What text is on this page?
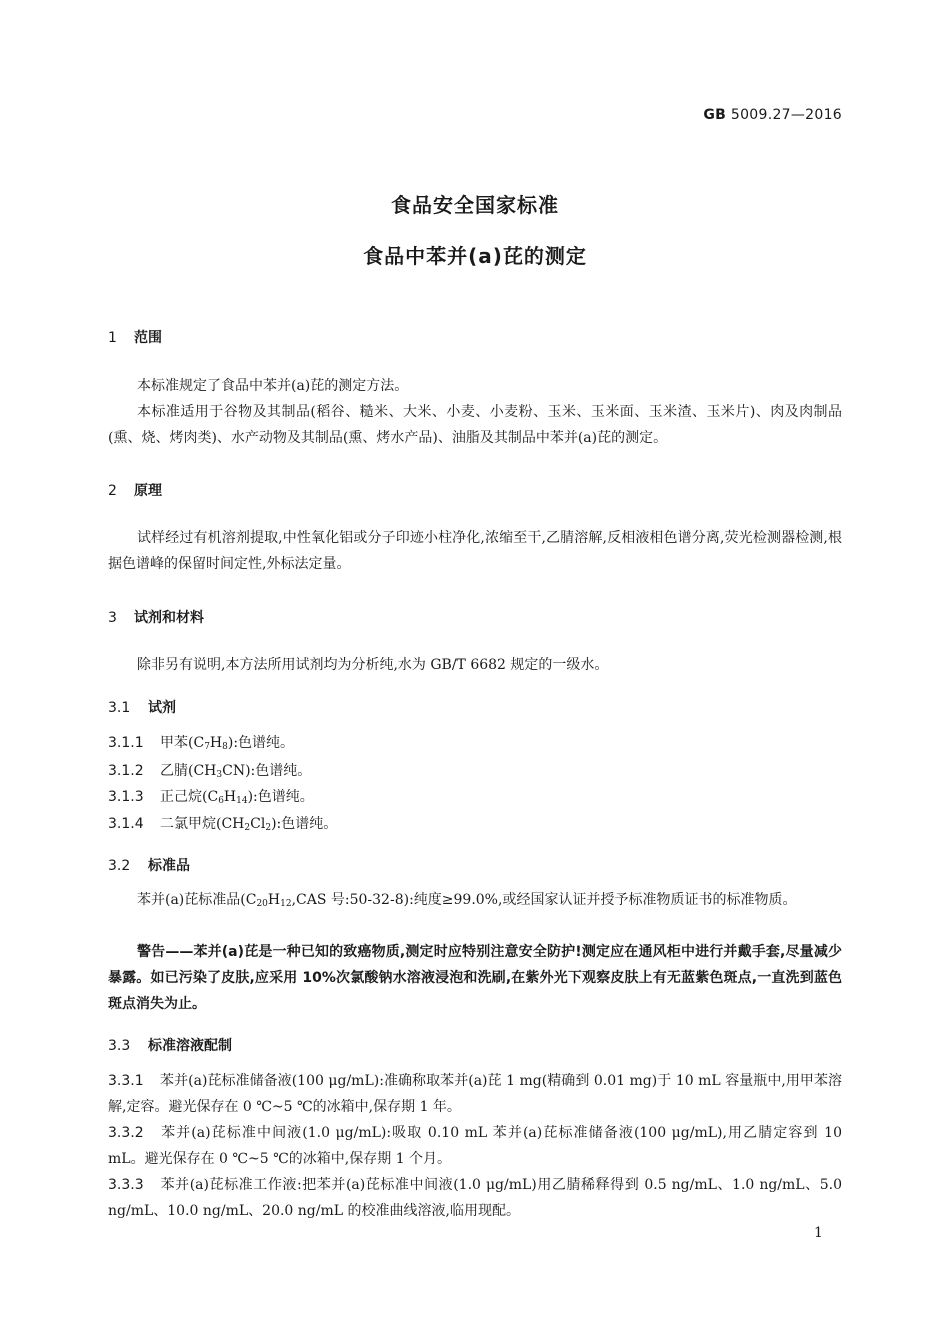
GB 5009.27—2016
食品安全国家标准
食品中苯并(a)芘的测定
1 范围
本标准规定了食品中苯并(a)芘的测定方法。
本标准适用于谷物及其制品(稻谷、糙米、大米、小麦、小麦粉、玉米、玉米面、玉米渣、玉米片)、肉及肉制品(熏、烧、烤肉类)、水产动物及其制品(熏、烤水产品)、油脂及其制品中苯并(a)芘的测定。
2 原理
试样经过有机溶剂提取,中性氧化铝或分子印迹小柱净化,浓缩至干,乙腈溶解,反相液相色谱分离,荧光检测器检测,根据色谱峰的保留时间定性,外标法定量。
3 试剂和材料
除非另有说明,本方法所用试剂均为分析纯,水为 GB/T 6682 规定的一级水。
3.1 试剂
3.1.1 甲苯$(C_7H_8)$:色谱纯。
3.1.2 乙腈$(CH_3CN)$:色谱纯。
3.1.3 正己烷$(C_6H_{14})$:色谱纯。
3.1.4 二氯甲烷$(CH_2Cl_2)$:色谱纯。
3.2 标准品
苯并(a)芘标准品($C_{20}H_{12},CAS$ 号:50-32-8):纯度≥99.0%,或经国家认证并授予标准物质证书的标准物质。
警告——苯并(a)芘是一种已知的致癌物质,测定时应特别注意安全防护!测定应在通风柜中进行并戴手套,尽量减少暴露。如已污染了皮肤,应采用 10%次氯酸钠水溶液浸泡和洗刷,在紫外光下观察皮肤上有无蓝紫色斑点,一直洗到蓝色斑点消失为止。
3.3 标准溶液配制
3.3.1 苯并(a)芘标准储备液(100 μg/mL):准确称取苯并(a)芘 1 mg(精确到 0.01 mg)于 10 mL 容量瓶中,用甲苯溶解,定容。避光保存在 0 ℃~5 ℃的冰箱中,保存期 1 年。
3.3.2 苯并(a)芘标准中间液(1.0 μg/mL):吸取 0.10 mL 苯并(a)芘标准储备液(100 μg/mL),用乙腈定容到 10 mL。避光保存在 0 ℃~5 ℃的冰箱中,保存期 1 个月。
3.3.3 苯并(a)芘标准工作液:把苯并(a)芘标准中间液(1.0 μg/mL)用乙腈稀释得到 0.5 ng/mL、1.0 ng/mL、5.0 ng/mL、10.0 ng/mL、20.0 ng/mL 的校准曲线溶液,临用现配。
1
